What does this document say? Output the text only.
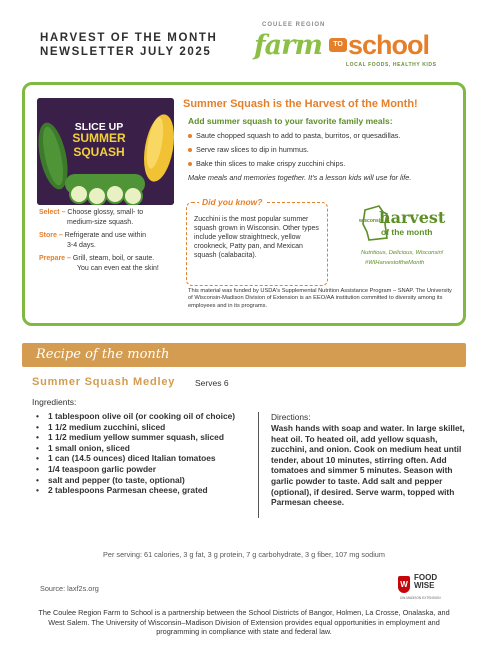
HARVEST OF THE MONTH
NEWSLETTER JULY 2025
COULEE REGION
farm	TO school
LOCAL FOODS, HEALTHY KIDS
SLICE UP
SUMMER
SQUASH
Summer Squash is the Harvest of the Month!
Add summer squash to your favorite family meals:
Saute chopped squash to add to pasta, burritos, or quesadillas.
Serve raw slices to dip in hummus.
Bake thin slices to make crispy zucchini chips.
Make meals and memories together. It's a lesson kids will use for life.
Select – Choose glossy, small- to
medium-size squash.
Store – Refrigerate and use within
3-4 days.
Prepare – Grill, steam, boil, or saute.
You can even eat the skin!
Did you know?
Zucchini is the most popular summer squash grown in Wisconsin. Other types include yellow straightneck, yellow crookneck, Patty pan, and Mexican squash (calabacita).
wisconsin
harvest
of the month
Nutritious, Delicious, Wisconsin!
#WIHarvestoftheMonth
This material was funded by USDA's Supplemental Nutrition Assistance Program – SNAP. The University of Wisconsin-Madison Division of Extension is an EEO/AA institution committed to diversity among its employees and in its programs.
Recipe of the month
Summer Squash Medley Serves 6
Ingredients:
• 1 tablespoon olive oil (or cooking oil of choice)
• 1 1/2 medium zucchini, sliced
• 1 1/2 medium yellow summer squash, sliced
• 1 small onion, sliced
• 1 can (14.5 ounces) diced Italian tomatoes
• 1/4 teaspoon garlic powder
• salt and pepper (to taste, optional)
• 2 tablespoons Parmesan cheese, grated
Directions:
Wash hands with soap and water. In large skillet, heat oil. To heated oil, add yellow squash, zucchini, and onion. Cook on medium heat until tender, about 10 minutes, stirring often. Add tomatoes and simmer 5 minutes. Season with garlic powder to taste. Add salt and pepper (optional), if desired. Serve warm, topped with Parmesan cheese.
Per serving: 61 calories, 3 g fat, 3 g protein, 7 g carbohydrate, 3 g fiber, 107 mg sodium
Source: laxf2s.org	W
FOOD
WISE
UW-MADISON EXTENSION
The Coulee Region Farm to School is a partnership between the School Districts of Bangor, Holmen, La Crosse, Onalaska, and West Salem. The University of Wisconsin–Madison Division of Extension provides equal opportunities in employment and programming in compliance with state and federal law.
